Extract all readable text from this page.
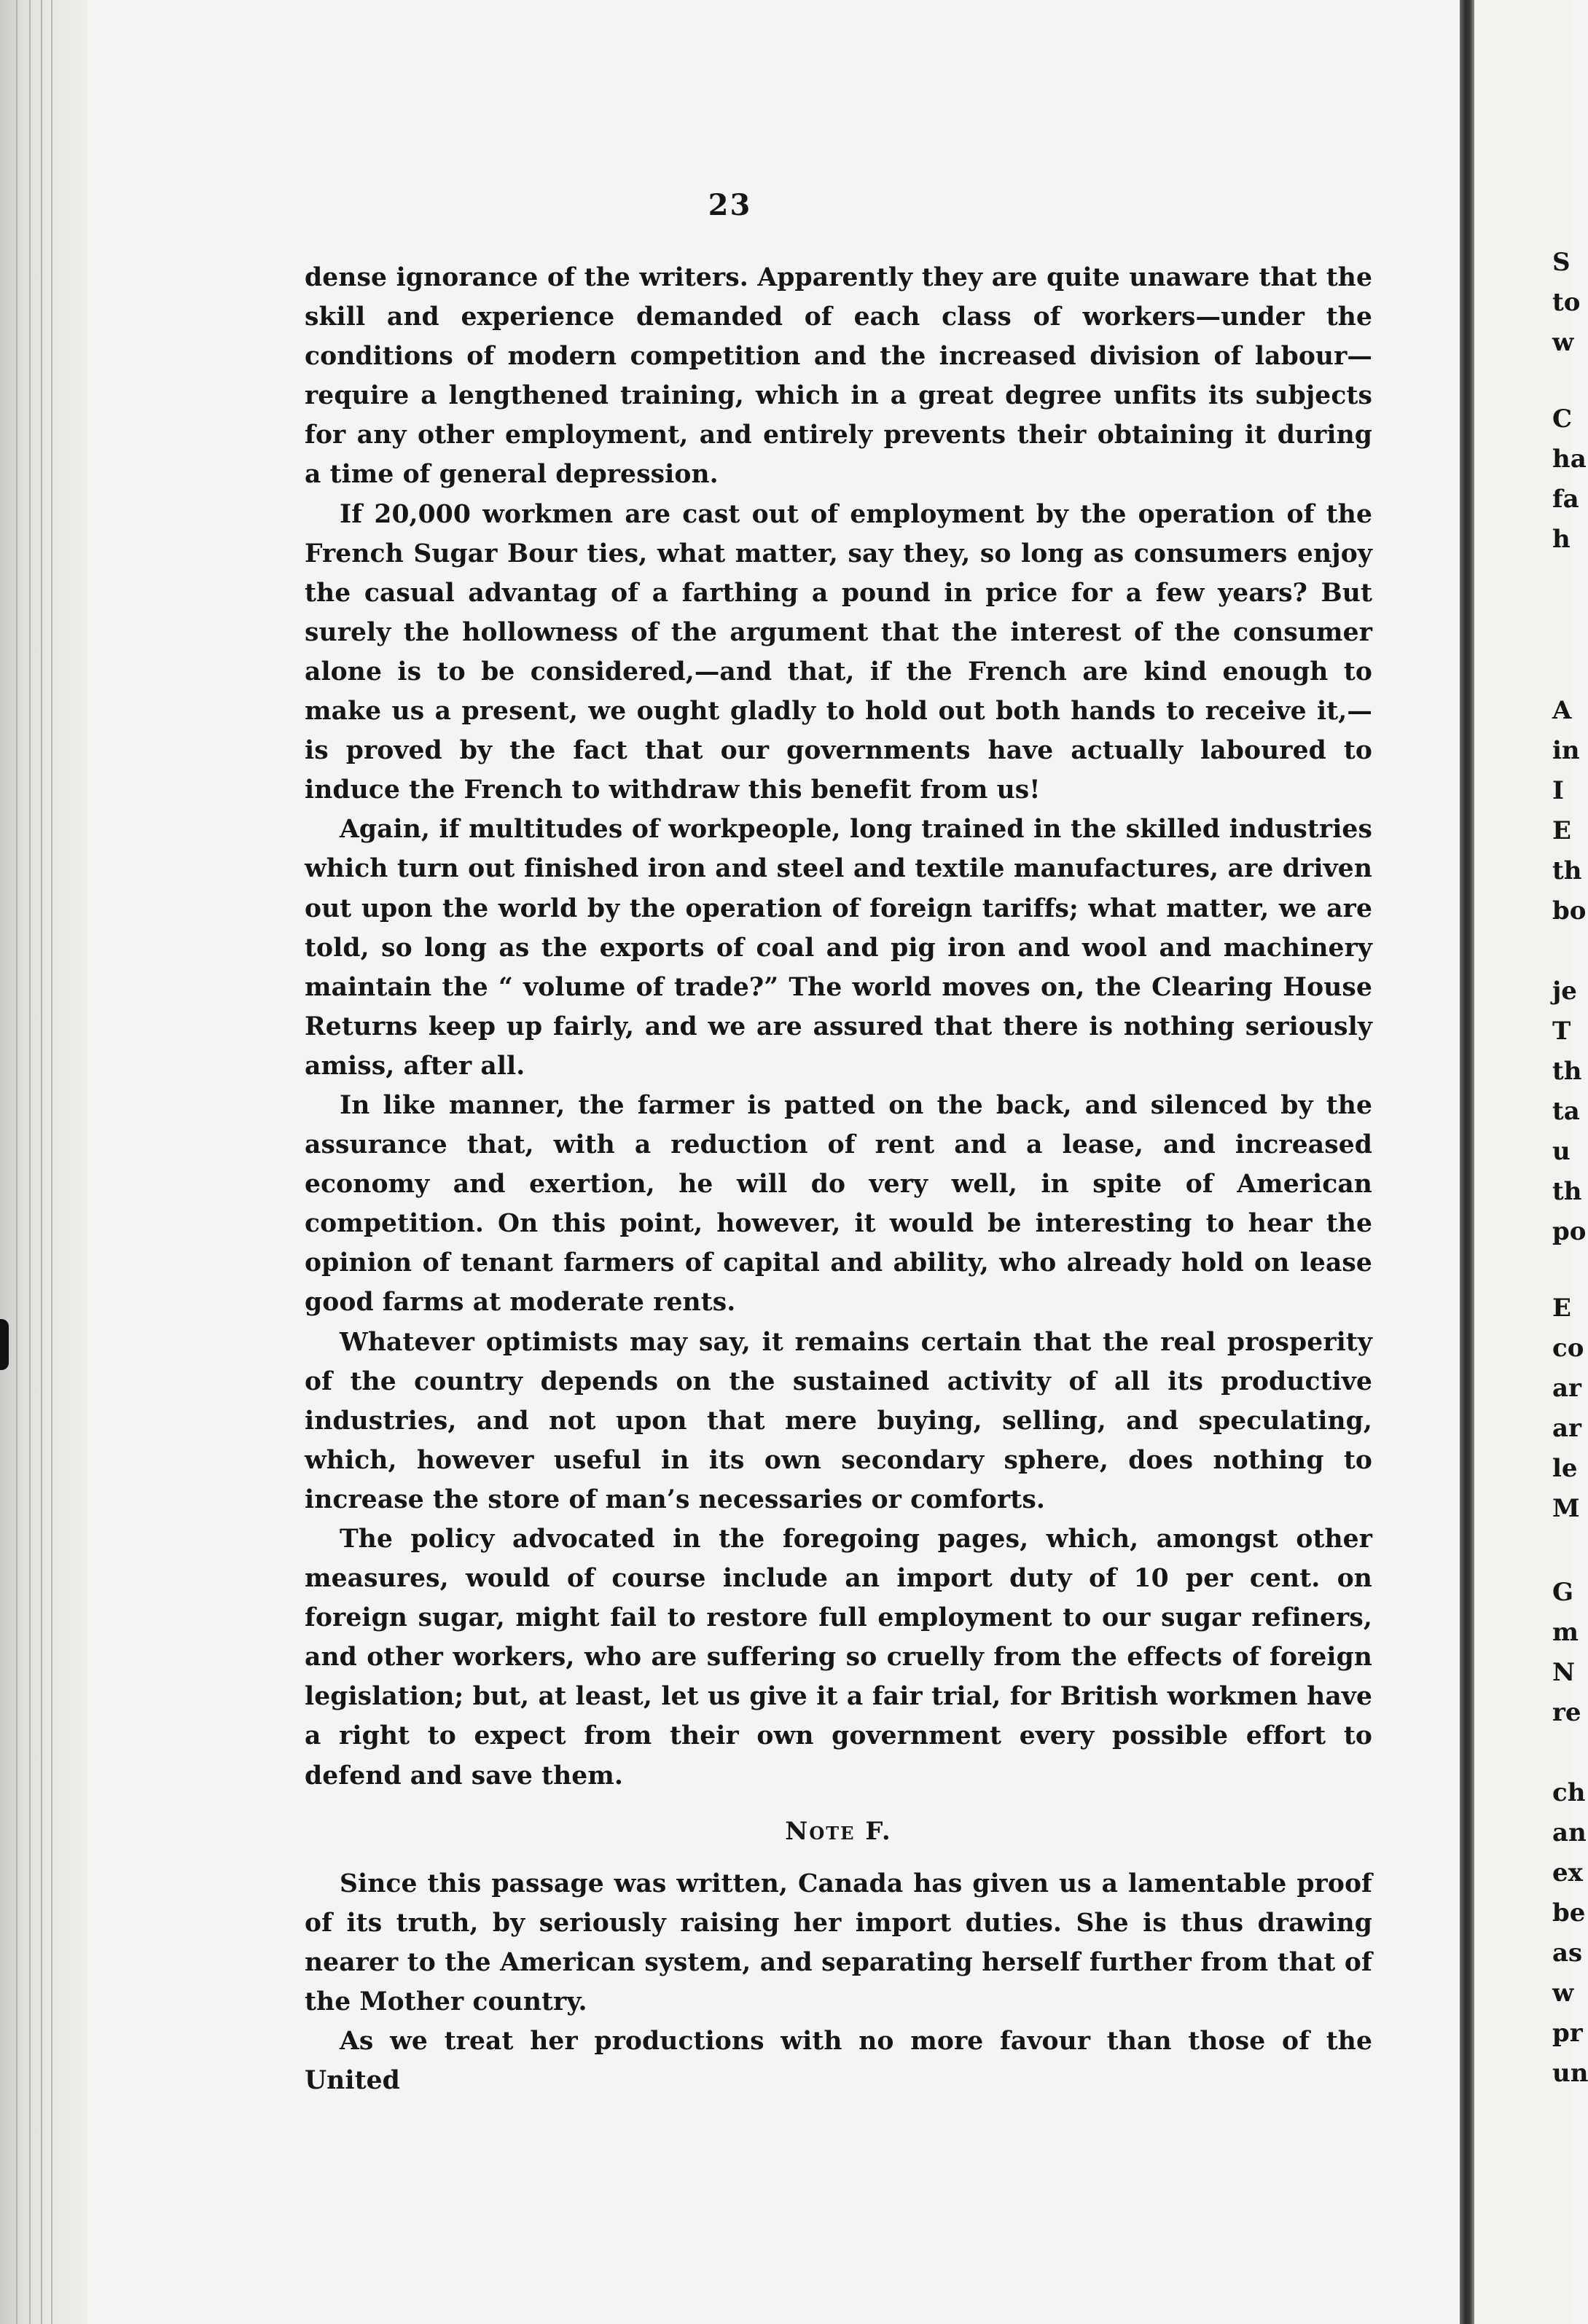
23

dense ignorance of the writers. Apparently they are quite unaware that the skill and experience demanded of each class of workers—under the conditions of modern competition and the increased division of labour—require a lengthened training, which in a great degree unfits its subjects for any other employment, and entirely prevents their obtaining it during a time of general depression.

If 20,000 workmen are cast out of employment by the operation of the French Sugar Bour ties, what matter, say they, so long as consumers enjoy the casual advantag of a farthing a pound in price for a few years? But surely the hollowness of the argument that the interest of the consumer alone is to be considered,—and that, if the French are kind enough to make us a present, we ought gladly to hold out both hands to receive it,—is proved by the fact that our governments have actually laboured to induce the French to withdraw this benefit from us!

Again, if multitudes of workpeople, long trained in the skilled industries which turn out finished iron and steel and textile manufactures, are driven out upon the world by the operation of foreign tariffs; what matter, we are told, so long as the exports of coal and pig iron and wool and machinery maintain the “ volume of trade?” The world moves on, the Clearing House Returns keep up fairly, and we are assured that there is nothing seriously amiss, after all.

In like manner, the farmer is patted on the back, and silenced by the assurance that, with a reduction of rent and a lease, and increased economy and exertion, he will do very well, in spite of American competition. On this point, however, it would be interesting to hear the opinion of tenant farmers of capital and ability, who already hold on lease good farms at moderate rents.

Whatever optimists may say, it remains certain that the real prosperity of the country depends on the sustained activity of all its productive industries, and not upon that mere buying, selling, and speculating, which, however useful in its own secondary sphere, does nothing to increase the store of man’s necessaries or comforts.

The policy advocated in the foregoing pages, which, amongst other measures, would of course include an import duty of 10 per cent. on foreign sugar, might fail to restore full employment to our sugar refiners, and other workers, who are suffering so cruelly from the effects of foreign legislation; but, at least, let us give it a fair trial, for British workmen have a right to expect from their own government every possible effort to defend and save them.

Note F.

Since this passage was written, Canada has given us a lamentable proof of its truth, by seriously raising her import duties. She is thus drawing nearer to the American system, and separating herself further from that of the Mother country.

As we treat her productions with no more favour than those of the United

S
to
w
C
ha
fa
h
A
in
I
E
th
bo
je
T
th
ta
u
th
po
E
co
ar
ar
le
M
G
m
N
re
ch
an
ex
be
as
w
pr
un
